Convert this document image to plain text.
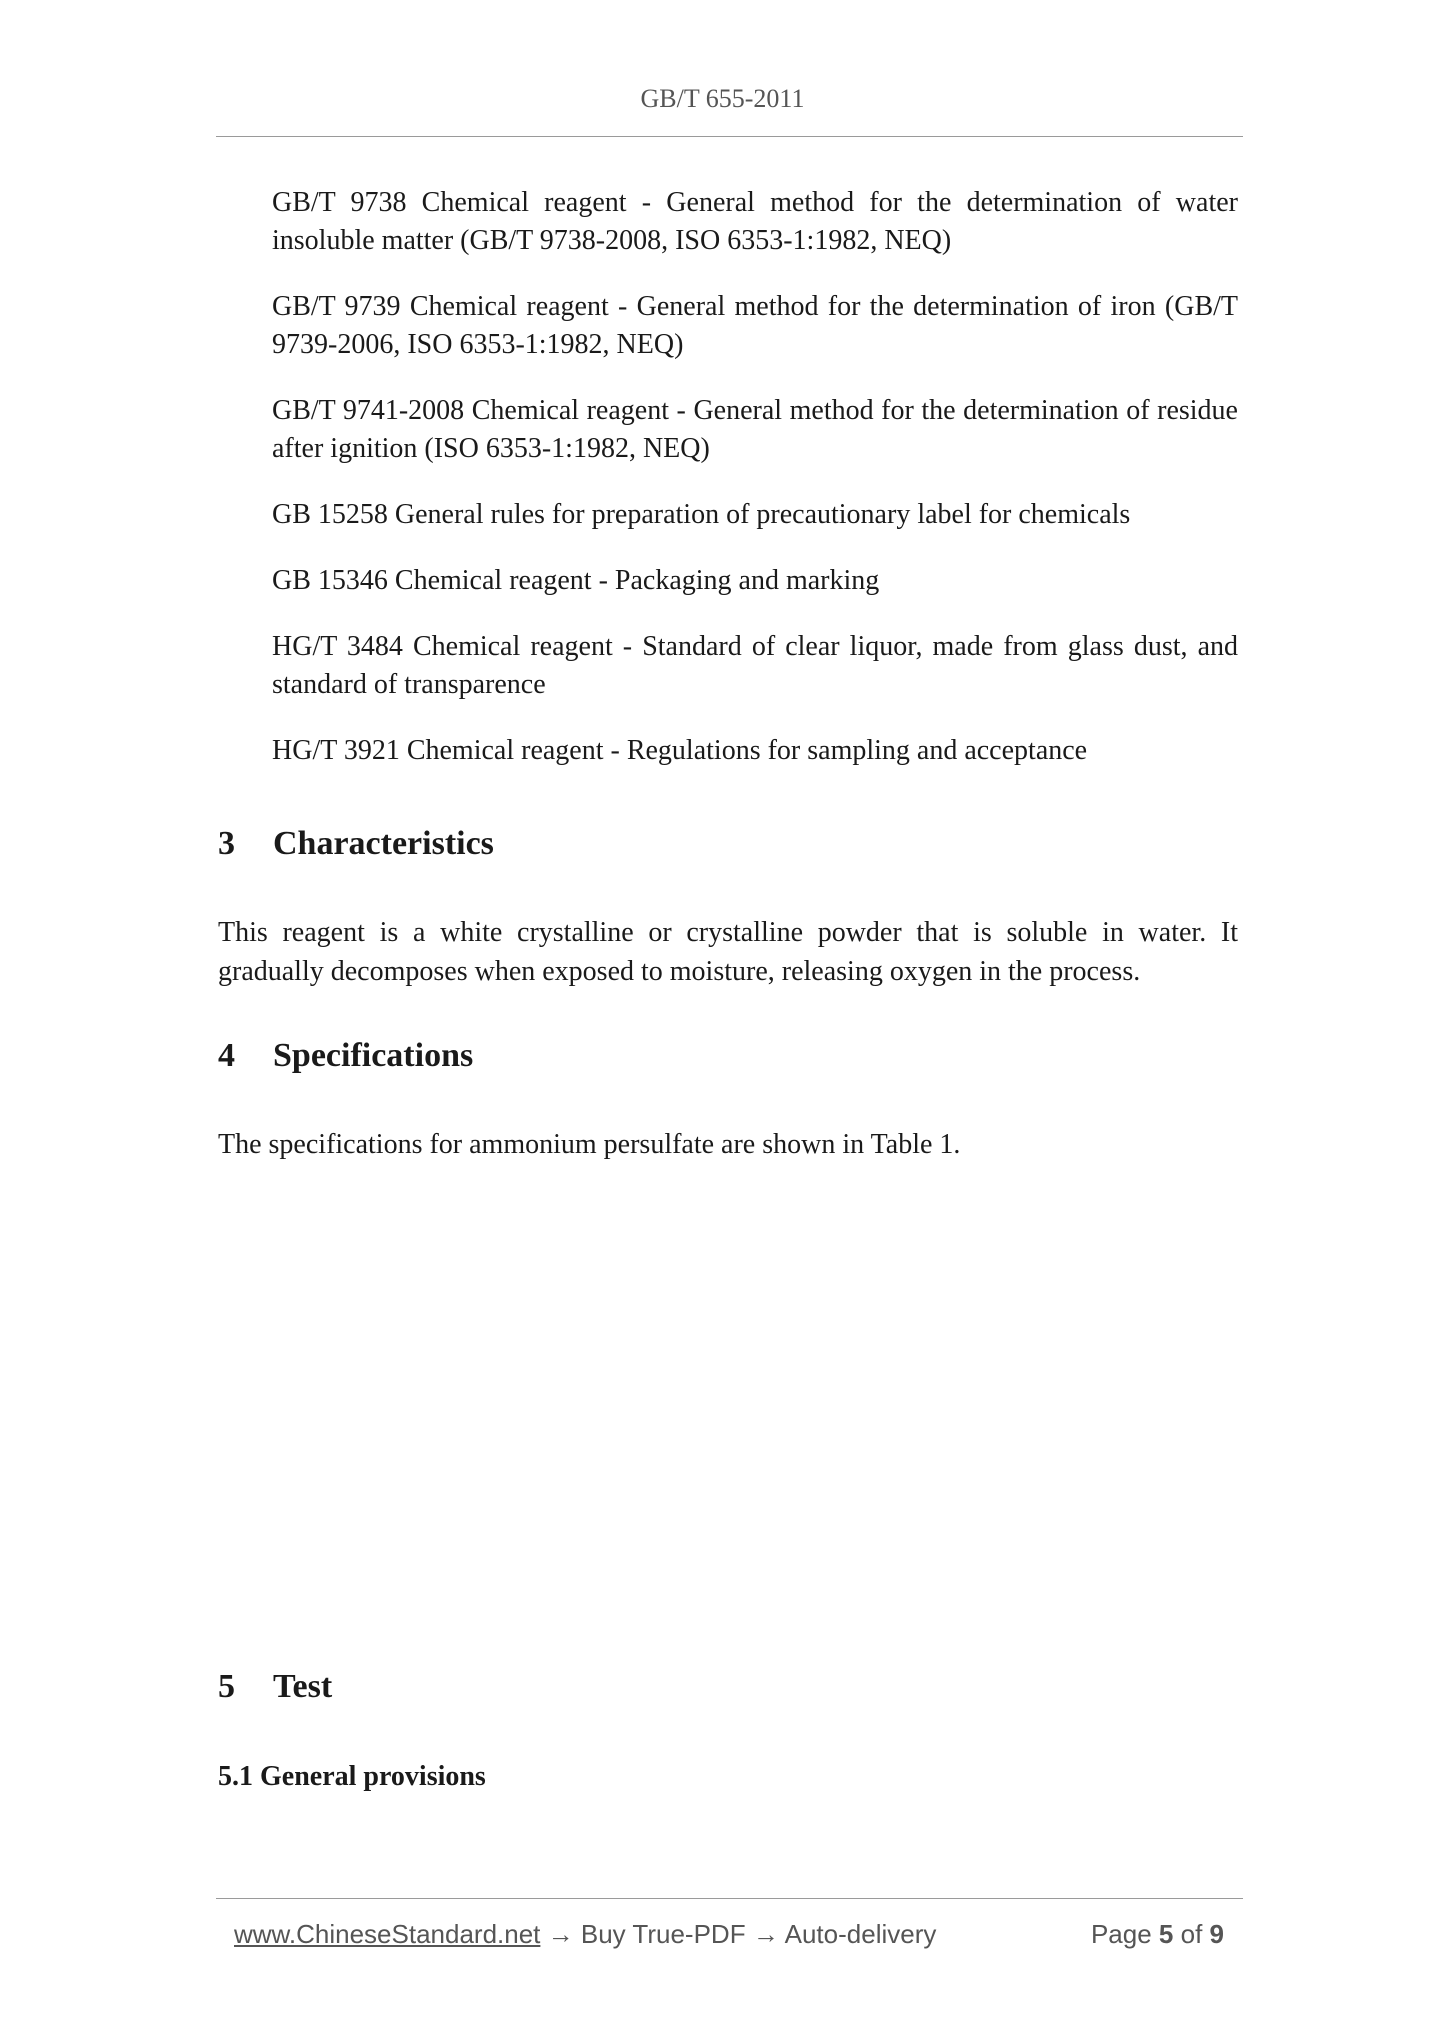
GB/T 655-2011

GB/T 9738 Chemical reagent - General method for the determination of water insoluble matter (GB/T 9738-2008, ISO 6353-1:1982, NEQ)

GB/T 9739 Chemical reagent - General method for the determination of iron (GB/T 9739-2006, ISO 6353-1:1982, NEQ)

GB/T 9741-2008 Chemical reagent - General method for the determination of residue after ignition (ISO 6353-1:1982, NEQ)

GB 15258 General rules for preparation of precautionary label for chemicals

GB 15346 Chemical reagent - Packaging and marking

HG/T 3484 Chemical reagent - Standard of clear liquor, made from glass dust, and standard of transparence

HG/T 3921 Chemical reagent - Regulations for sampling and acceptance

3 Characteristics

This reagent is a white crystalline or crystalline powder that is soluble in water. It gradually decomposes when exposed to moisture, releasing oxygen in the process.

4 Specifications

The specifications for ammonium persulfate are shown in Table 1.

5 Test
5.1 General provisions
www.ChineseStandard.net → Buy True-PDF → Auto-delivery	Page 5 of 9
